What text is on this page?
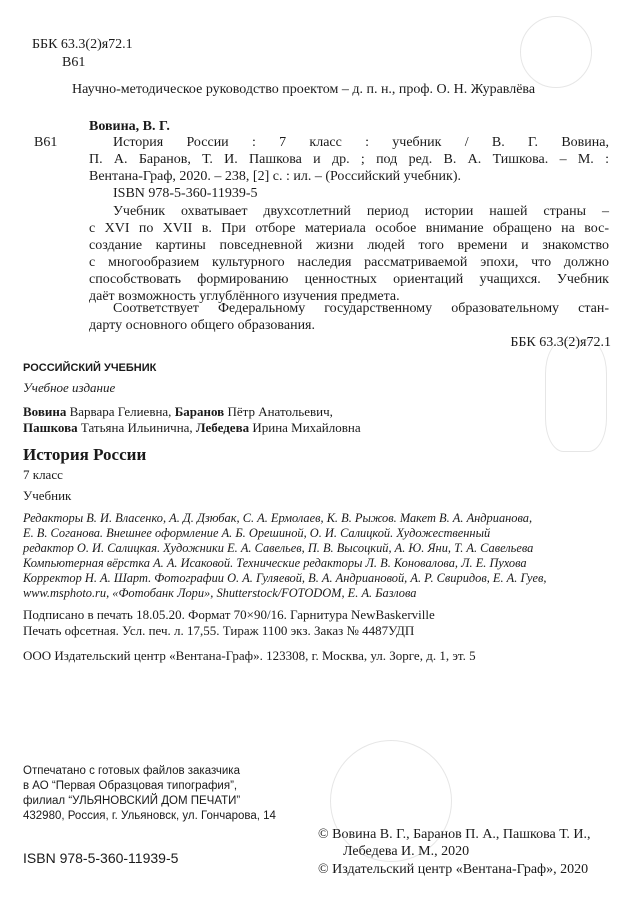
ББК 63.3(2)я72.1
В61
Научно-методическое руководство проектом – д. п. н., проф. О. Н. Журавлёва
В61
Вовина, В. Г.

История России : 7 класс : учебник / В. Г. Вовина,

П. А. Баранов, Т. И. Пашкова и др. ; под ред. В. А. Тишкова. – М. :

Вентана-Граф, 2020. – 238, [2] с. : ил. – (Российский учебник).

ISBN 978-5-360-11939-5

Учебник охватывает двухсотлетний период истории нашей страны –

с XVI по XVII в. При отборе материала особое внимание обращено на вос-

создание картины повседневной жизни людей того времени и знакомство

с многообразием культурного наследия рассматриваемой эпохи, что должно

способствовать формированию ценностных ориентаций учащихся. Учебник

даёт возможность углублённого изучения предмета.

Соответствует Федеральному государственному образовательному стан-

дарту основного общего образования.

ББК 63.3(2)я72.1
РОССИЙСКИЙ УЧЕБНИК
Учебное издание
Вовина Варвара Гелиевна, Баранов Пётр Анатольевич,
Пашкова Татьяна Ильинична, Лебедева Ирина Михайловна
История России
7 класс
Учебник

Редакторы В. И. Власенко, А. Д. Дзюбак, С. А. Ермолаев, К. В. Рыжов. Макет В. А. Андрианова,

Е. В. Соганова. Внешнее оформление А. Б. Орешиной, О. И. Салицкой. Художественный

редактор О. И. Салицкая. Художники Е. А. Савельев, П. В. Высоцкий, А. Ю. Яни, Т. А. Савельева

Компьютерная вёрстка А. А. Исаковой. Технические редакторы Л. В. Коновалова, Л. Е. Пухова

Корректор Н. А. Шарт. Фотографии О. А. Гуляевой, В. А. Андриановой, А. Р. Свиридов, Е. А. Гуев,

www.msphoto.ru, «Фотобанк Лори», Shutterstock/FOTODOM, Е. А. Базлова

Подписано в печать 18.05.20. Формат 70×90/16. Гарнитура NewBaskerville
Печать офсетная. Усл. печ. л. 17,55. Тираж 1100 экз. Заказ № 4487УДП
ООО Издательский центр «Вентана-Граф». 123308, г. Москва, ул. Зорге, д. 1, эт. 5
Отпечатано с готовых файлов заказчика
в АО “Первая Образцовая типография”,
филиал “УЛЬЯНОВСКИЙ ДОМ ПЕЧАТИ”
432980, Россия, г. Ульяновск, ул. Гончарова, 14
ISBN 978-5-360-11939-5
© Вовина В. Г., Баранов П. А., Пашкова Т. И.,
Лебедева И. М., 2020
© Издательский центр «Вентана-Граф», 2020
